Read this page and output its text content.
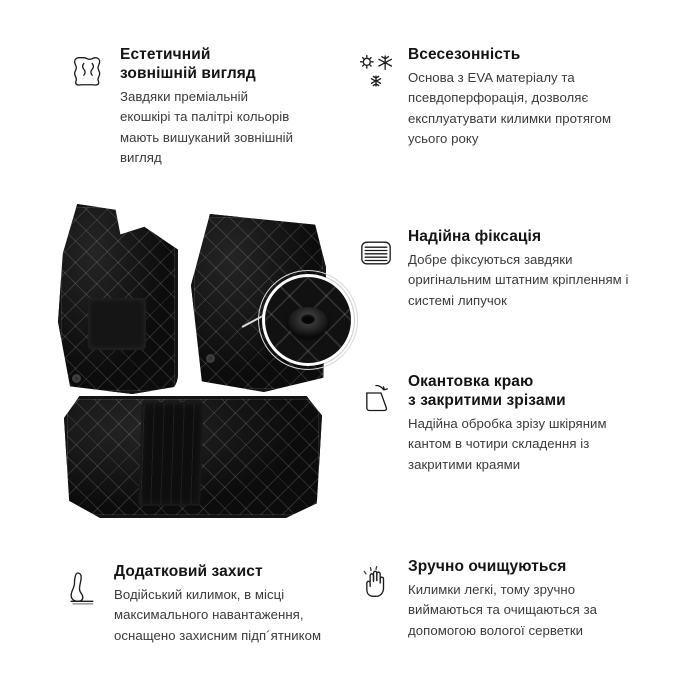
Естетичний
зовнішній вигляд

Завдяки преміальній екошкірі та палітрі кольорів мають вишуканий зовнішній вигляд

Всесезонність

Основа з EVA матеріалу та псевдоперфорація, дозволяє експлуатувати килимки протягом усього року

Надійна фіксація

Добре фіксуються завдяки оригінальним штатним кріпленням і системі липучок

Окантовка краю
з закритими зрізами

Надійна обробка зрізу шкіряним кантом в чотири складення із закритими краями

Додатковий захист

Водійський килимок, в місці максимального навантаження, оснащено захисним підп´ятником

Зручно очищуються

Килимки легкі, тому зручно виймаються та очищаються за допомогою вологої серветки
